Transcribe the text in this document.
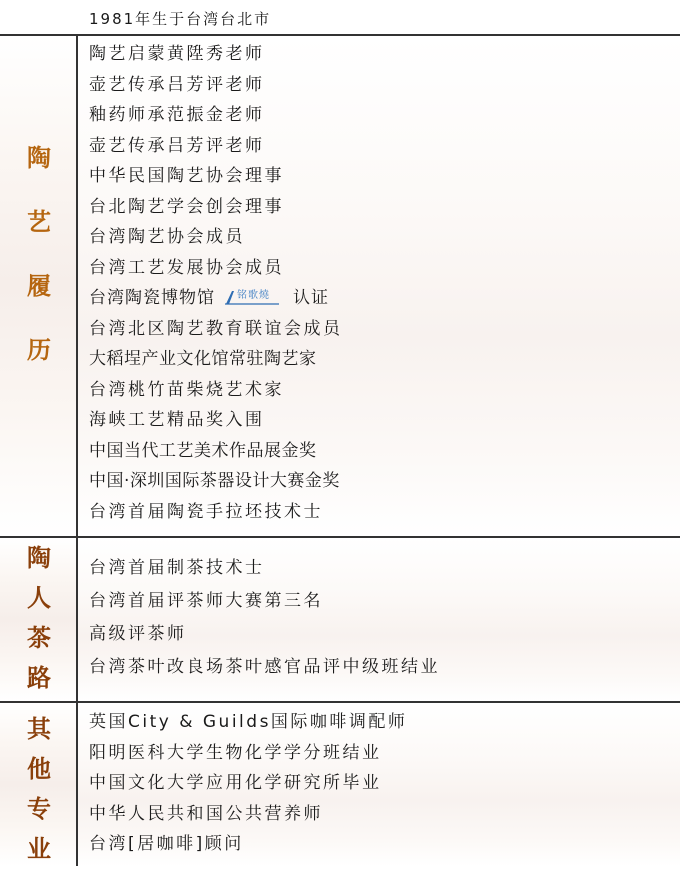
1981年生于台湾台北市
陶
艺
履
历
陶艺启蒙黄陞秀老师
壶艺传承吕芳评老师
釉药师承范振金老师
壶艺传承吕芳评老师
中华民国陶艺协会理事
台北陶艺学会创会理事
台湾陶艺协会成员
台湾工艺发展协会成员
台湾陶瓷博物馆 铭歌燒 认证
台湾北区陶艺教育联谊会成员
大稻埕产业文化馆常驻陶艺家
台湾桃竹苗柴烧艺术家
海峡工艺精品奖入围
中国当代工艺美术作品展金奖
中国·深圳国际茶器设计大赛金奖
台湾首届陶瓷手拉坯技术士
陶
人
茶
路
台湾首届制茶技术士
台湾首届评茶师大赛第三名
高级评茶师
台湾茶叶改良场茶叶感官品评中级班结业
其
他
专
业
英国City & Guilds国际咖啡调配师
阳明医科大学生物化学学分班结业
中国文化大学应用化学研究所毕业
中华人民共和国公共营养师
台湾[居咖啡]顾问
